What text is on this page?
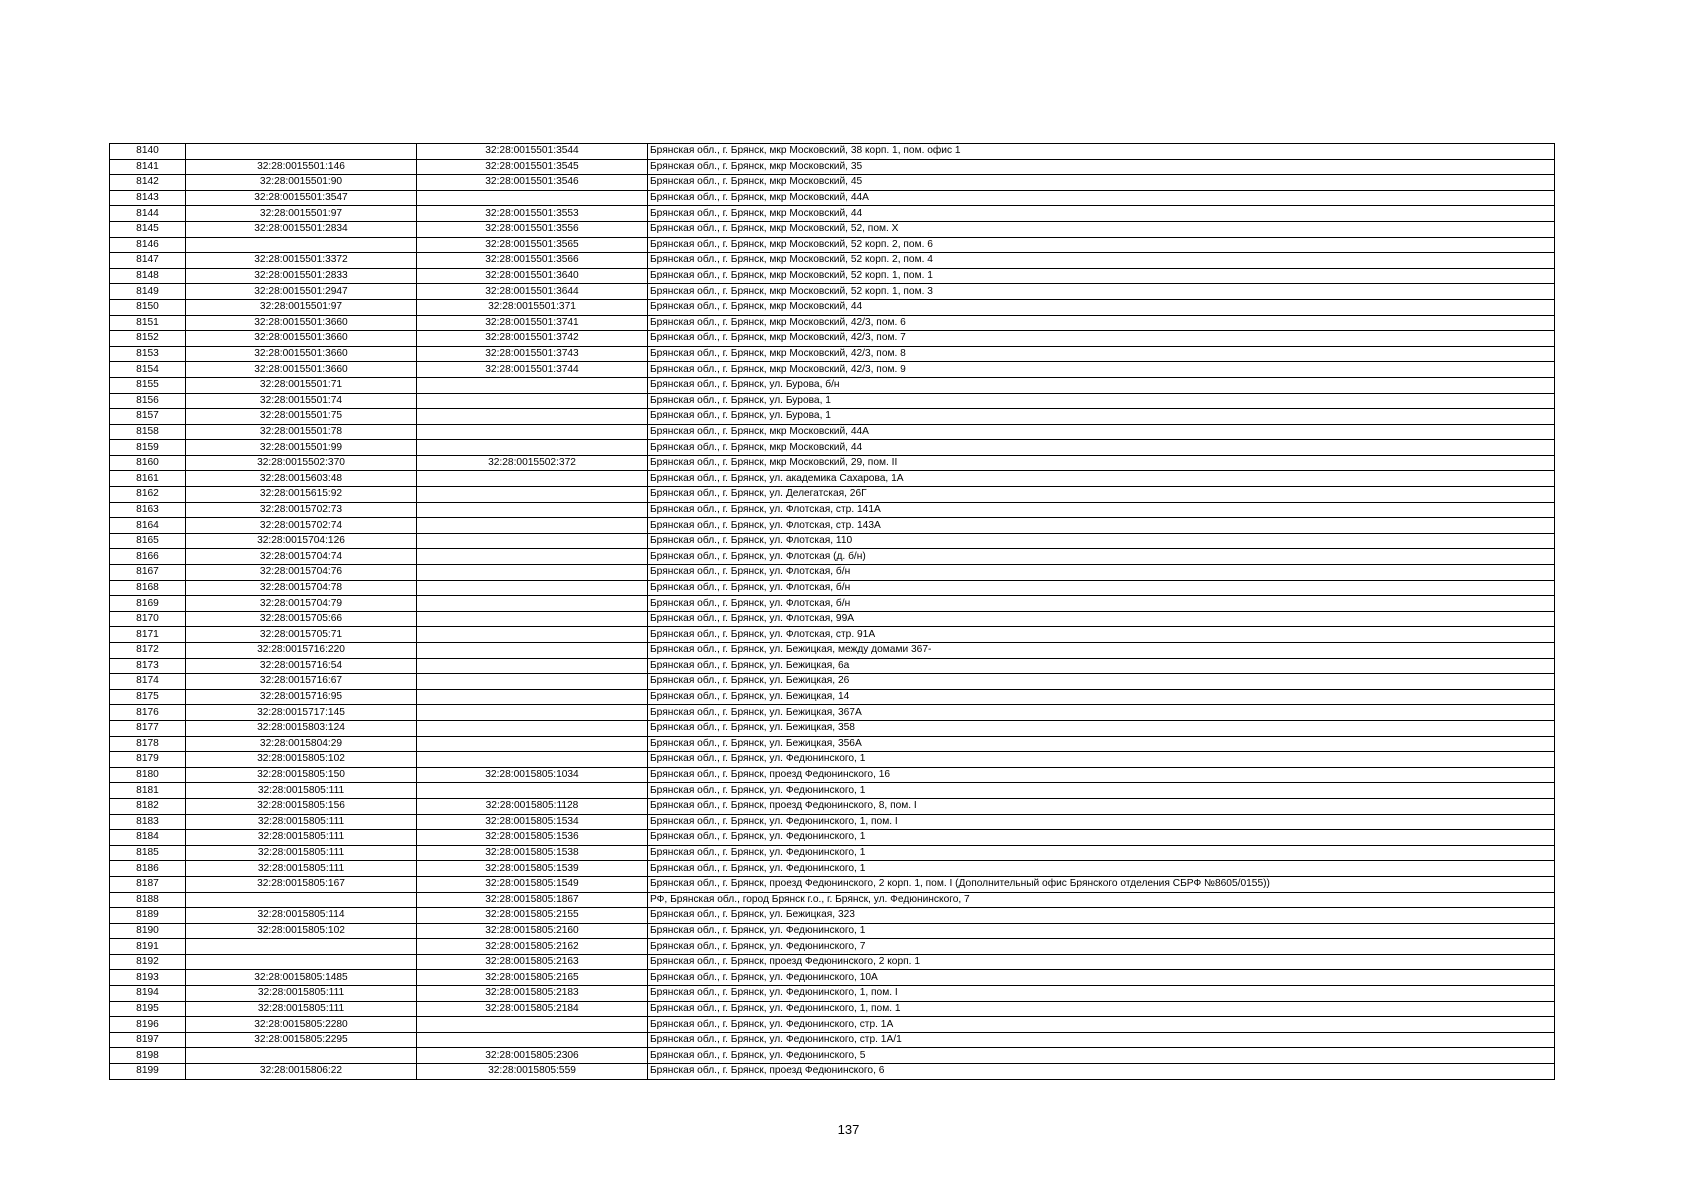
8140		32:28:0015501:3544	Брянская обл., г. Брянск, мкр Московский, 38 корп. 1, пом. офис 1
8141	32:28:0015501:146	32:28:0015501:3545	Брянская обл., г. Брянск, мкр Московский, 35
8142	32:28:0015501:90	32:28:0015501:3546	Брянская обл., г. Брянск, мкр Московский, 45
8143	32:28:0015501:3547		Брянская обл., г. Брянск, мкр Московский, 44А
8144	32:28:0015501:97	32:28:0015501:3553	Брянская обл., г. Брянск, мкр Московский, 44
8145	32:28:0015501:2834	32:28:0015501:3556	Брянская обл., г. Брянск, мкр Московский, 52, пом. X
8146		32:28:0015501:3565	Брянская обл., г. Брянск, мкр Московский, 52 корп. 2, пом. 6
8147	32:28:0015501:3372	32:28:0015501:3566	Брянская обл., г. Брянск, мкр Московский, 52 корп. 2, пом. 4
8148	32:28:0015501:2833	32:28:0015501:3640	Брянская обл., г. Брянск, мкр Московский, 52 корп. 1, пом. 1
8149	32:28:0015501:2947	32:28:0015501:3644	Брянская обл., г. Брянск, мкр Московский, 52 корп. 1, пом. 3
8150	32:28:0015501:97	32:28:0015501:371	Брянская обл., г. Брянск, мкр Московский, 44
8151	32:28:0015501:3660	32:28:0015501:3741	Брянская обл., г. Брянск, мкр Московский, 42/3, пом. 6
8152	32:28:0015501:3660	32:28:0015501:3742	Брянская обл., г. Брянск, мкр Московский, 42/3, пом. 7
8153	32:28:0015501:3660	32:28:0015501:3743	Брянская обл., г. Брянск, мкр Московский, 42/3, пом. 8
8154	32:28:0015501:3660	32:28:0015501:3744	Брянская обл., г. Брянск, мкр Московский, 42/3, пом. 9
8155	32:28:0015501:71		Брянская обл., г. Брянск, ул. Бурова, б/н
8156	32:28:0015501:74		Брянская обл., г. Брянск, ул. Бурова, 1
8157	32:28:0015501:75		Брянская обл., г. Брянск, ул. Бурова, 1
8158	32:28:0015501:78		Брянская обл., г. Брянск, мкр Московский, 44А
8159	32:28:0015501:99		Брянская обл., г. Брянск, мкр Московский, 44
8160	32:28:0015502:370	32:28:0015502:372	Брянская обл., г. Брянск, мкр Московский, 29, пом. II
8161	32:28:0015603:48		Брянская обл., г. Брянск, ул. академика Сахарова, 1А
8162	32:28:0015615:92		Брянская обл., г. Брянск, ул. Делегатская, 26Г
8163	32:28:0015702:73		Брянская обл., г. Брянск, ул. Флотская, стр. 141А
8164	32:28:0015702:74		Брянская обл., г. Брянск, ул. Флотская, стр. 143А
8165	32:28:0015704:126		Брянская обл., г. Брянск, ул. Флотская, 110
8166	32:28:0015704:74		Брянская обл., г. Брянск, ул. Флотская (д. б/н)
8167	32:28:0015704:76		Брянская обл., г. Брянск, ул. Флотская, б/н
8168	32:28:0015704:78		Брянская обл., г. Брянск, ул. Флотская, б/н
8169	32:28:0015704:79		Брянская обл., г. Брянск, ул. Флотская, б/н
8170	32:28:0015705:66		Брянская обл., г. Брянск, ул. Флотская, 99А
8171	32:28:0015705:71		Брянская обл., г. Брянск, ул. Флотская, стр. 91А
8172	32:28:0015716:220		Брянская обл., г. Брянск, ул. Бежицкая, между домами 367-
8173	32:28:0015716:54		Брянская обл., г. Брянск, ул. Бежицкая, 6а
8174	32:28:0015716:67		Брянская обл., г. Брянск, ул. Бежицкая, 26
8175	32:28:0015716:95		Брянская обл., г. Брянск, ул. Бежицкая, 14
8176	32:28:0015717:145		Брянская обл., г. Брянск, ул. Бежицкая, 367А
8177	32:28:0015803:124		Брянская обл., г. Брянск, ул. Бежицкая, 358
8178	32:28:0015804:29		Брянская обл., г. Брянск, ул. Бежицкая, 356А
8179	32:28:0015805:102		Брянская обл., г. Брянск, ул. Федюнинского, 1
8180	32:28:0015805:150	32:28:0015805:1034	Брянская обл., г. Брянск, проезд Федюнинского, 16
8181	32:28:0015805:111		Брянская обл., г. Брянск, ул. Федюнинского, 1
8182	32:28:0015805:156	32:28:0015805:1128	Брянская обл., г. Брянск, проезд Федюнинского, 8, пом. I
8183	32:28:0015805:111	32:28:0015805:1534	Брянская обл., г. Брянск, ул. Федюнинского, 1, пом. I
8184	32:28:0015805:111	32:28:0015805:1536	Брянская обл., г. Брянск, ул. Федюнинского, 1
8185	32:28:0015805:111	32:28:0015805:1538	Брянская обл., г. Брянск, ул. Федюнинского, 1
8186	32:28:0015805:111	32:28:0015805:1539	Брянская обл., г. Брянск, ул. Федюнинского, 1
8187	32:28:0015805:167	32:28:0015805:1549	Брянская обл., г. Брянск, проезд Федюнинского, 2 корп. 1, пом. I (Дополнительный офис Брянского отделения СБРФ №8605/0155))
8188		32:28:0015805:1867	РФ, Брянская обл., город Брянск г.о., г. Брянск, ул. Федюнинского, 7
8189	32:28:0015805:114	32:28:0015805:2155	Брянская обл., г. Брянск, ул. Бежицкая, 323
8190	32:28:0015805:102	32:28:0015805:2160	Брянская обл., г. Брянск, ул. Федюнинского, 1
8191		32:28:0015805:2162	Брянская обл., г. Брянск, ул. Федюнинского, 7
8192		32:28:0015805:2163	Брянская обл., г. Брянск, проезд Федюнинского, 2 корп. 1
8193	32:28:0015805:1485	32:28:0015805:2165	Брянская обл., г. Брянск, ул. Федюнинского, 10А
8194	32:28:0015805:111	32:28:0015805:2183	Брянская обл., г. Брянск, ул. Федюнинского, 1, пом. I
8195	32:28:0015805:111	32:28:0015805:2184	Брянская обл., г. Брянск, ул. Федюнинского, 1, пом. 1
8196	32:28:0015805:2280		Брянская обл., г. Брянск, ул. Федюнинского, стр. 1А
8197	32:28:0015805:2295		Брянская обл., г. Брянск, ул. Федюнинского, стр. 1А/1
8198		32:28:0015805:2306	Брянская обл., г. Брянск, ул. Федюнинского, 5
8199	32:28:0015806:22	32:28:0015805:559	Брянская обл., г. Брянск, проезд Федюнинского, 6
137
